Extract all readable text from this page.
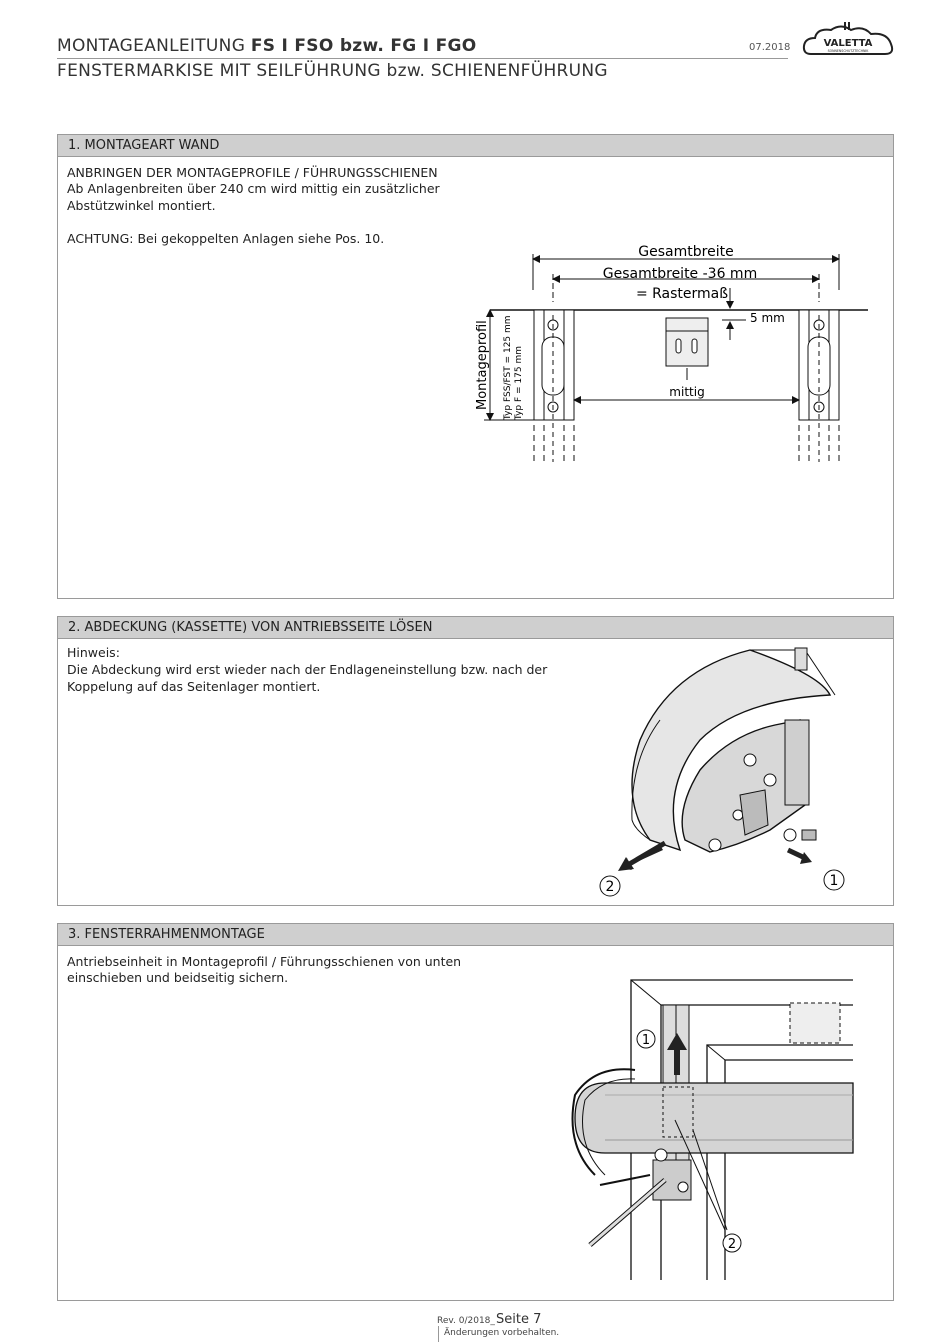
MONTAGEANLEITUNG FS I FSO bzw. FG I FGO
FENSTERMARKISE MIT SEILFÜHRUNG bzw. SCHIENENFÜHRUNG
07.2018	VALETTA
SONNENSCHUTZTECHNIK
1. MONTAGEART WAND
ANBRINGEN DER MONTAGEPROFILE / FÜHRUNGSSCHIENEN
Ab Anlagenbreiten über 240 cm wird mittig ein zusätzlicher
Abstützwinkel montiert.
ACHTUNG: Bei gekoppelten Anlagen siehe Pos. 10.
Gesamtbreite
Gesamtbreite -36 mm
= Rastermaß
5 mm
mittig
Montageprofil Typ FSS/FST = 125 mm Typ F = 175 mm
2. ABDECKUNG (KASSETTE) VON ANTRIEBSSEITE LÖSEN
Hinweis:
Die Abdeckung wird erst wieder nach der Endlageneinstellung bzw. nach der
Koppelung auf das Seitenlager montiert.
2	1
3. FENSTERRAHMENMONTAGE
Antriebseinheit in Montageprofil / Führungsschienen von unten
einschieben und beidseitig sichern.
1
2
Rev. 0/2018_ Seite 7
Änderungen vorbehalten.
